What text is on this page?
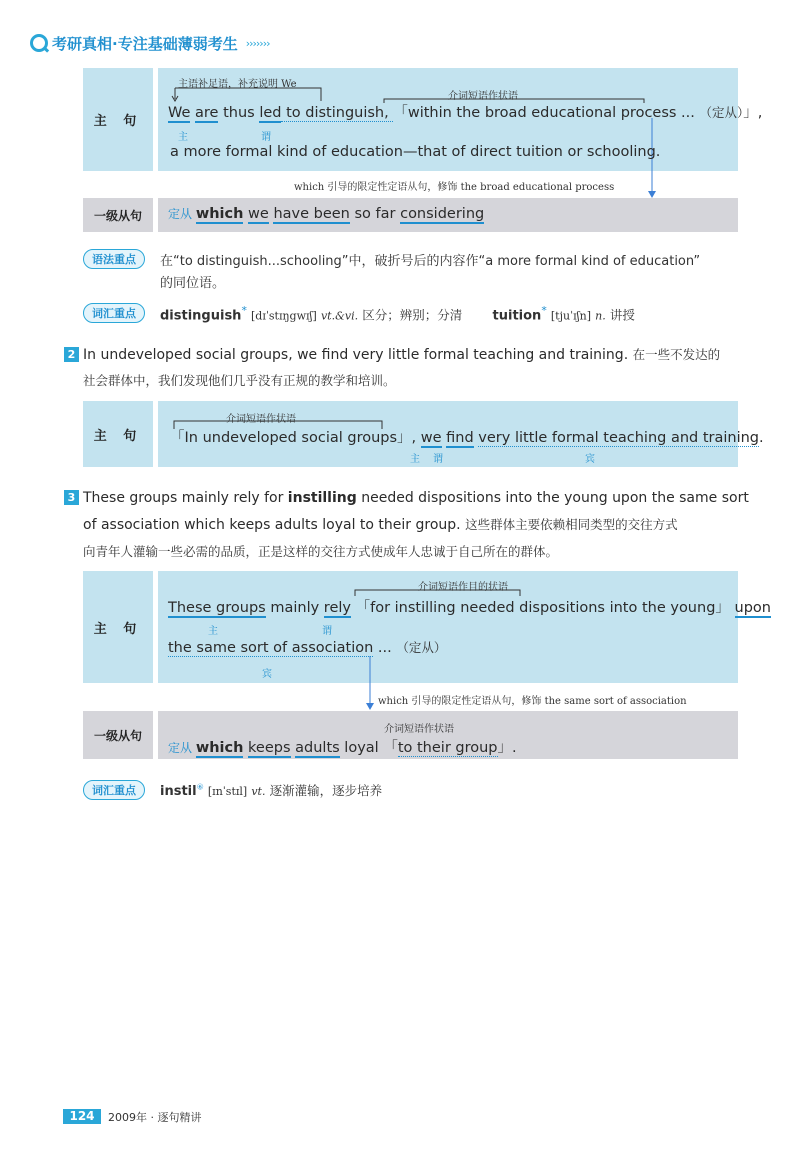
考研真相·专注基础薄弱考生 ›››››››
主 句
主语补足语，补充说明 We
介词短语作状语
We are thus led to distinguish, 「within the broad educational process ... （定从）」,
主	谓
a more formal kind of education—that of direct tuition or schooling.
which 引导的限定性定语从句，修饰 the broad educational process
一级从句	定从 which we have been so far considering
语法重点	在“to distinguish...schooling”中，破折号后的内容作“a more formal kind of education”
的同位语。
词汇重点	distinguish* [dɪˈstɪŋgwɪʃ] vt.&vi. 区分；辨别；分清 tuition* [tjuˈɪʃn] n. 讲授
2 In undeveloped social groups, we find very little formal teaching and training. 在一些不发达的
社会群体中，我们发现他们几乎没有正规的教学和培训。
主 句
介词短语作状语
「In undeveloped social groups」, we find very little formal teaching and training.
主 谓	宾
3 These groups mainly rely for instilling needed dispositions into the young upon the same sort
of association which keeps adults loyal to their group. 这些群体主要依赖相同类型的交往方式
向青年人灌输一些必需的品质，正是这样的交往方式使成年人忠诚于自己所在的群体。
主 句
介词短语作目的状语
These groups mainly rely 「for instilling needed dispositions into the young」 upon
主	谓
the same sort of association ... （定从）
宾
which 引导的限定性定语从句，修饰 the same sort of association
一级从句	介词短语作状语
定从 which keeps adults loyal 「to their group」.
词汇重点	instil⑥ [ɪnˈstɪl] vt. 逐渐灌输，逐步培养
124	2009年 · 逐句精讲
